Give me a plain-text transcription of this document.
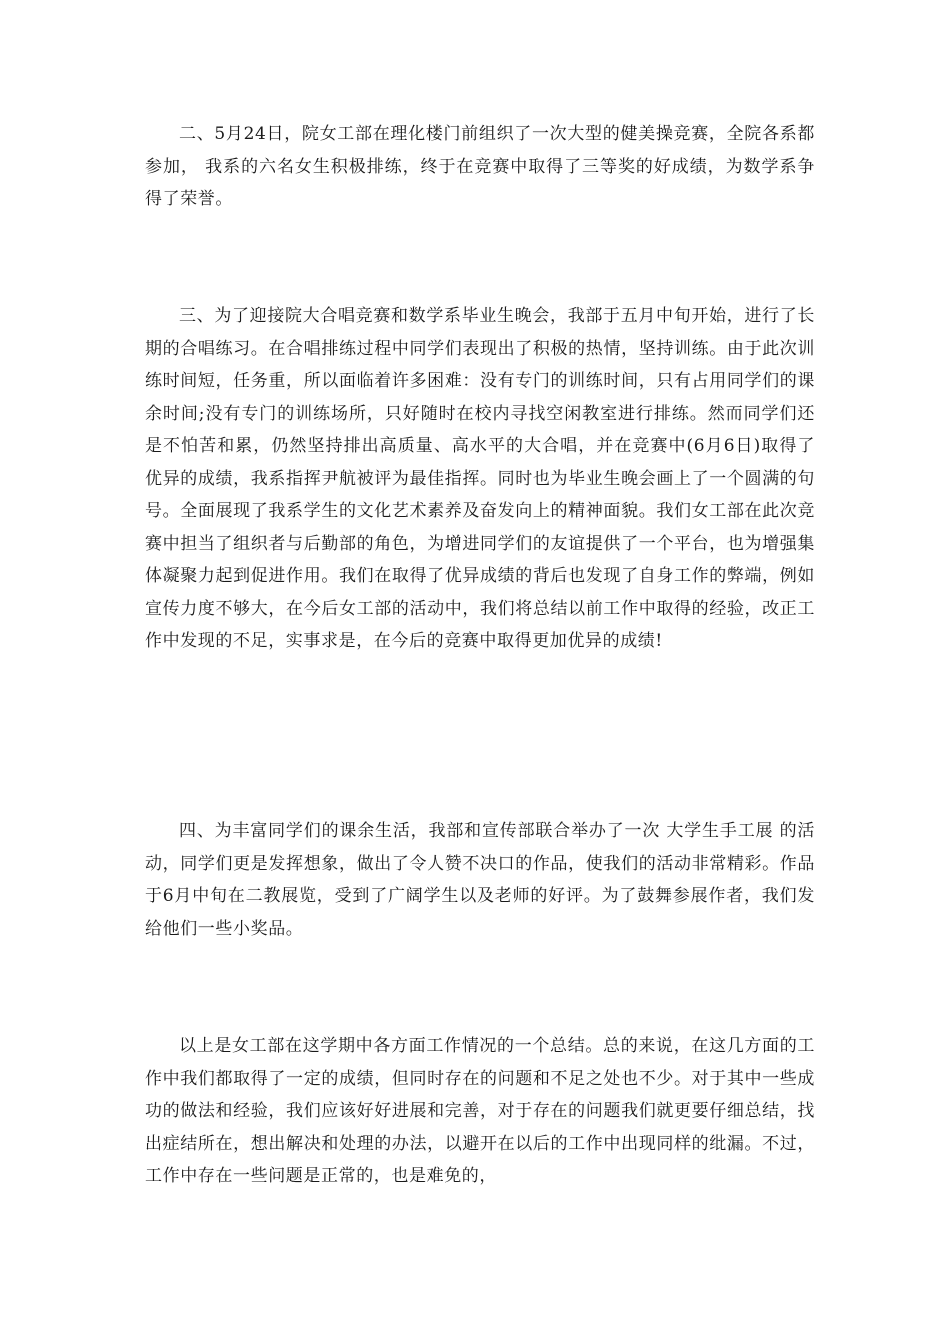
二、5月24日，院女工部在理化楼门前组织了一次大型的健美操竞赛，全院各系都参加， 我系的六名女生积极排练，终于在竞赛中取得了三等奖的好成绩，为数学系争得了荣誉。

三、为了迎接院大合唱竞赛和数学系毕业生晚会，我部于五月中旬开始，进行了长期的合唱练习。在合唱排练过程中同学们表现出了积极的热情，坚持训练。由于此次训练时间短，任务重，所以面临着许多困难：没有专门的训练时间，只有占用同学们的课余时间;没有专门的训练场所，只好随时在校内寻找空闲教室进行排练。然而同学们还是不怕苦和累，仍然坚持排出高质量、高水平的大合唱，并在竞赛中(6月6日)取得了优异的成绩，我系指挥尹航被评为最佳指挥。同时也为毕业生晚会画上了一个圆满的句号。全面展现了我系学生的文化艺术素养及奋发向上的精神面貌。我们女工部在此次竞赛中担当了组织者与后勤部的角色，为增进同学们的友谊提供了一个平台，也为增强集体凝聚力起到促进作用。我们在取得了优异成绩的背后也发现了自身工作的弊端，例如宣传力度不够大，在今后女工部的活动中，我们将总结以前工作中取得的经验，改正工作中发现的不足，实事求是，在今后的竞赛中取得更加优异的成绩!

四、为丰富同学们的课余生活，我部和宣传部联合举办了一次 大学生手工展 的活动，同学们更是发挥想象，做出了令人赞不决口的作品，使我们的活动非常精彩。作品于6月中旬在二教展览，受到了广阔学生以及老师的好评。为了鼓舞参展作者，我们发给他们一些小奖品。

以上是女工部在这学期中各方面工作情况的一个总结。总的来说，在这几方面的工作中我们都取得了一定的成绩，但同时存在的问题和不足之处也不少。对于其中一些成功的做法和经验，我们应该好好进展和完善，对于存在的问题我们就更要仔细总结，找出症结所在，想出解决和处理的办法，以避开在以后的工作中出现同样的纰漏。不过，工作中存在一些问题是正常的，也是难免的，
